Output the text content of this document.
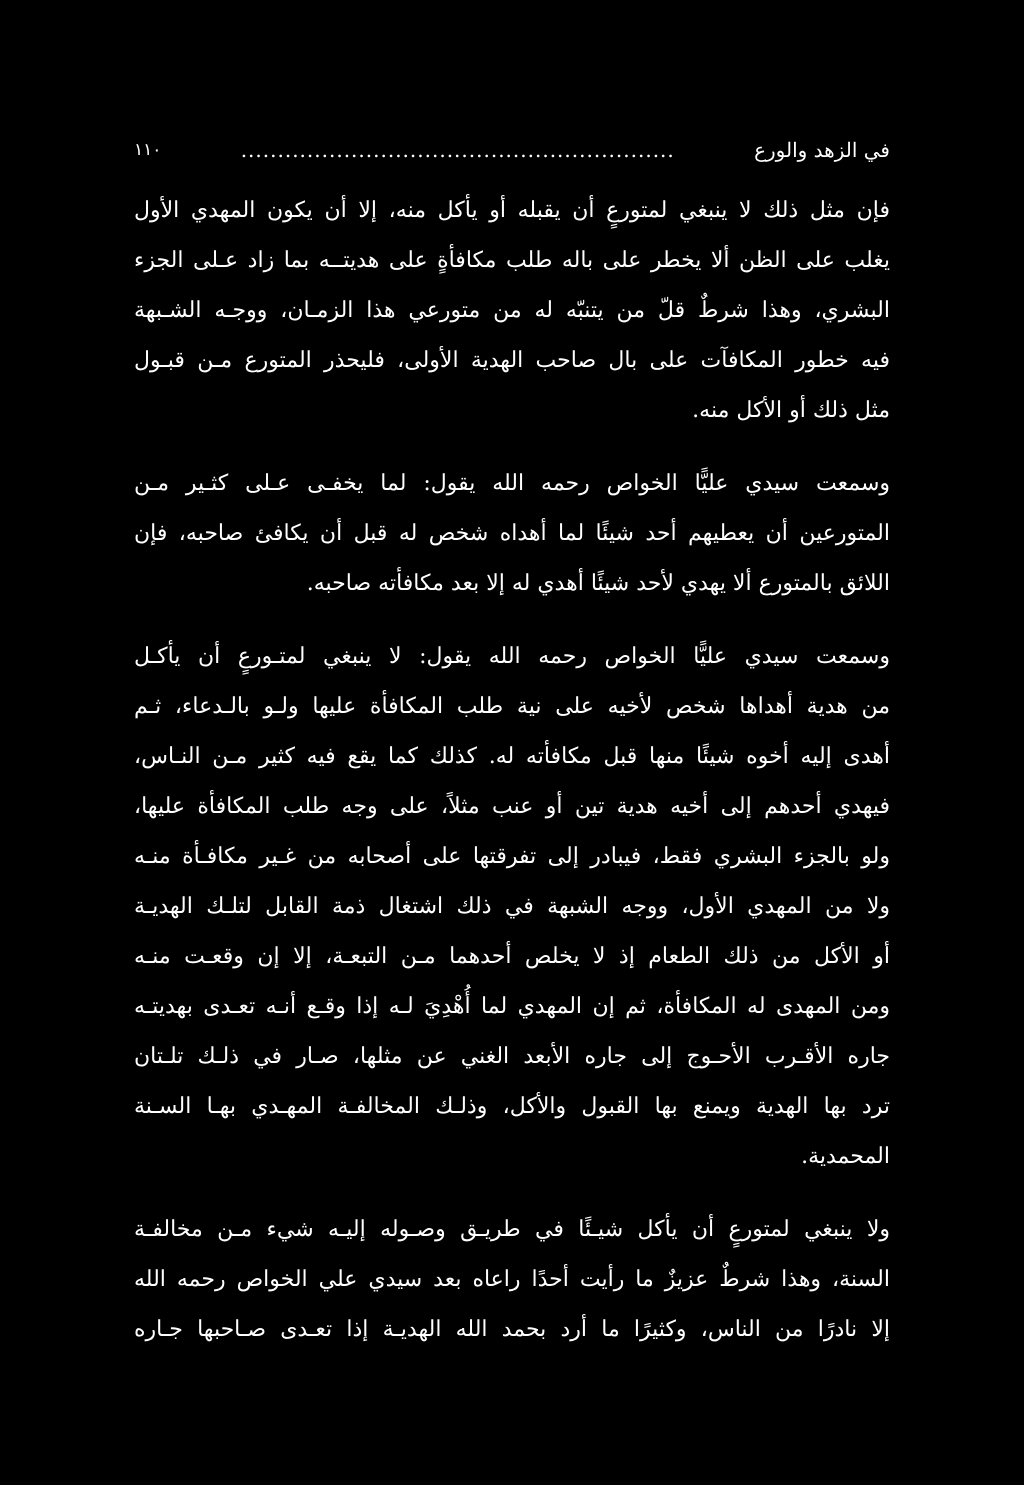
١١٠	...........................................................	في الزهد والورع
فإن مثل ذلك لا ينبغي لمتورعٍ أن يقبله أو يأكل منه، إلا أن يكون المهدي الأول
يغلب على الظن ألا يخطر على باله طلب مكافأةٍ على هديتــه بما زاد عـلى الجزء
البشري، وهذا شرطٌ قلّ من يتنبّه له من متورعي هذا الزمـان، ووجـه الشـبهة
فيه خطور المكافآت على بال صاحب الهدية الأولى، فليحذر المتورع مـن قبـول
مثل ذلك أو الأكل منه.
وسمعت سيدي عليًّا الخواص رحمه الله يقول: لما يخفـى عـلى كثـير مـن
المتورعين أن يعطيهم أحد شيئًا لما أهداه شخص له قبل أن يكافئ صاحبه، فإن
اللائق بالمتورع ألا يهدي لأحد شيئًا أهدي له إلا بعد مكافأته صاحبه.
وسمعت سيدي عليًّا الخواص رحمه الله يقول: لا ينبغي لمتـورعٍ أن يأكـل
من هدية أهداها شخص لأخيه على نية طلب المكافأة عليها ولـو بالـدعاء، ثـم
أهدى إليه أخوه شيئًا منها قبل مكافأته له. كذلك كما يقع فيه كثير مـن النـاس،
فيهدي أحدهم إلى أخيه هدية تين أو عنب مثلاً، على وجه طلب المكافأة عليها،
ولو بالجزء البشري فقط، فيبادر إلى تفرقتها على أصحابه من غـير مكافـأة منـه
ولا من المهدي الأول، ووجه الشبهة في ذلك اشتغال ذمة القابل لتلـك الهديـة
أو الأكل من ذلك الطعام إذ لا يخلص أحدهما مـن التبعـة، إلا إن وقعـت منـه
ومن المهدى له المكافأة، ثم إن المهدي لما أُهْدِيَ لـه إذا وقـع أنـه تعـدى بهديتـه
جاره الأقـرب الأحـوج إلى جاره الأبعد الغني عن مثلها، صـار في ذلـك تلـتان
ترد بها الهدية ويمنع بها القبول والأكل، وذلـك المخالفـة المهـدي بهـا السـنة
المحمدية.
ولا ينبغي لمتورعٍ أن يأكل شيـئًا في طريـق وصـوله إليـه شيء مـن مخالفـة
السنة، وهذا شرطٌ عزيزٌ ما رأيت أحدًا راعاه بعد سيدي علي الخواص رحمه الله
إلا نادرًا من الناس، وكثيرًا ما أرد بحمد الله الهديـة إذا تعـدى صـاحبها جـاره
